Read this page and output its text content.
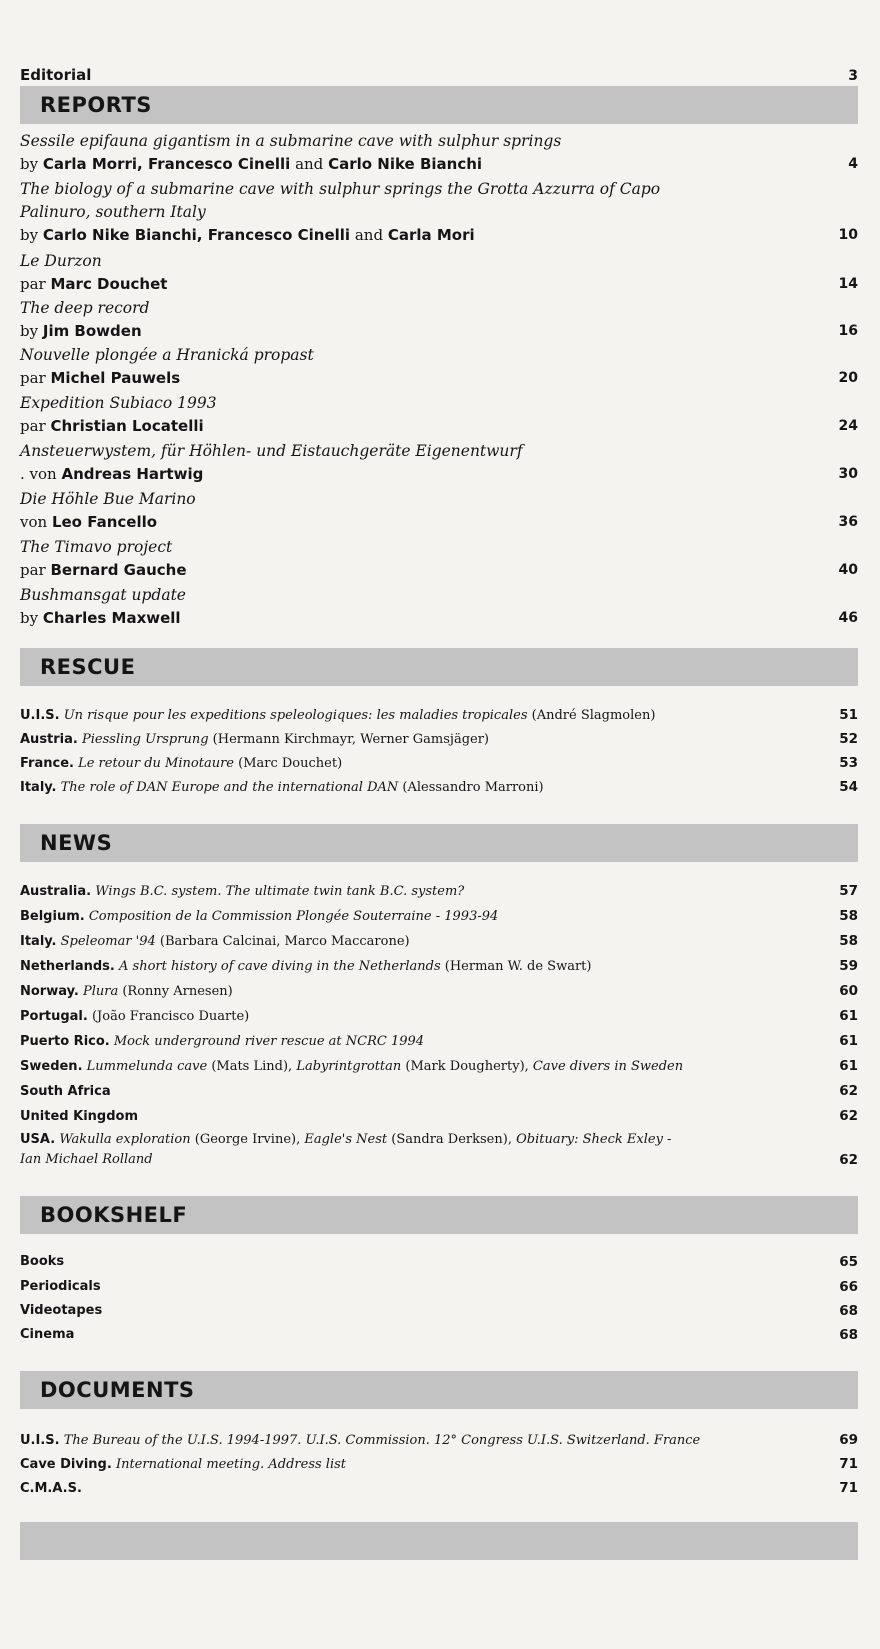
Editorial	3
REPORTS
Sessile epifauna gigantism in a submarine cave with sulphur springs
by Carla Morri, Francesco Cinelli and Carlo Nike Bianchi	4
The biology of a submarine cave with sulphur springs the Grotta Azzurra of Capo
Palinuro, southern Italy
by Carlo Nike Bianchi, Francesco Cinelli and Carla Mori	10
Le Durzon
par Marc Douchet	14
The deep record
by Jim Bowden	16
Nouvelle plongée a Hranická propast
par Michel Pauwels	20
Expedition Subiaco 1993
par Christian Locatelli	24
Ansteuerwystem, für Höhlen- und Eistauchgeräte Eigenentwurf
. von Andreas Hartwig	30
Die Höhle Bue Marino
von Leo Fancello	36
The Timavo project
par Bernard Gauche	40
Bushmansgat update
by Charles Maxwell	46
RESCUE
U.I.S. Un risque pour les expeditions speleologiques: les maladies tropicales (André Slagmolen)	51
Austria. Piessling Ursprung (Hermann Kirchmayr, Werner Gamsjäger)	52
France. Le retour du Minotaure (Marc Douchet)	53
Italy. The role of DAN Europe and the international DAN (Alessandro Marroni)	54
NEWS
Australia. Wings B.C. system. The ultimate twin tank B.C. system?	57
Belgium. Composition de la Commission Plongée Souterraine - 1993-94	58
Italy. Speleomar '94 (Barbara Calcinai, Marco Maccarone)	58
Netherlands. A short history of cave diving in the Netherlands (Herman W. de Swart)	59
Norway. Plura (Ronny Arnesen)	60
Portugal. (João Francisco Duarte)	61
Puerto Rico. Mock underground river rescue at NCRC 1994	61
Sweden. Lummelunda cave (Mats Lind), Labyrintgrottan (Mark Dougherty), Cave divers in Sweden	61
South Africa	62
United Kingdom	62
USA. Wakulla exploration (George Irvine), Eagle's Nest (Sandra Derksen), Obituary: Sheck Exley -
Ian Michael Rolland	62
BOOKSHELF
Books	65
Periodicals	66
Videotapes	68
Cinema	68
DOCUMENTS
U.I.S. The Bureau of the U.I.S. 1994-1997. U.I.S. Commission. 12° Congress U.I.S. Switzerland. France	69
Cave Diving. International meeting. Address list	71
C.M.A.S.	71
